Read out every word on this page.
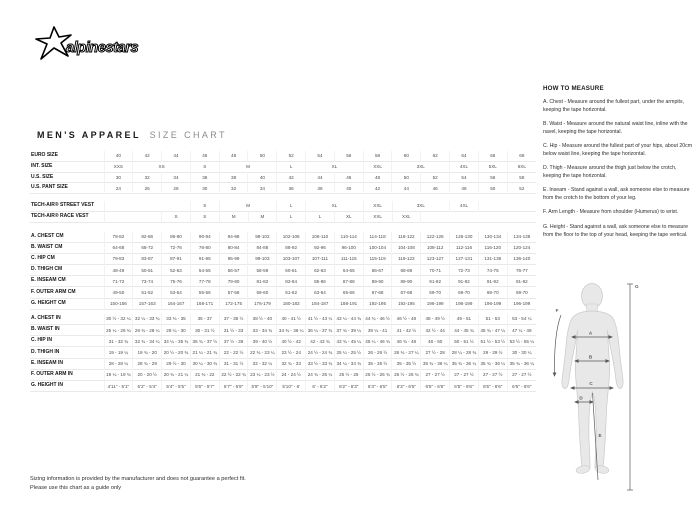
alpinestars
MEN'S APPAREL SIZE CHART
EURO SIZE	40	42	44	46	48	50	52	54	56	58	60	62	64	66	68
INT. SIZE	XXS	XS		S	M		L	XL		XXL	3XL		4XL	5XL	6XL
U.S. SIZE	30	32	34	36	38	40	42	44	46	48	50	52	54	56	58
U.S. PANT SIZE	24	26	28	30	32	34	36	38	40	42	44	46	48	50	52
TECH-AIR® STREET VEST			S	M		L	XL		XXL	3XL		4XL	
TECH-AIR® RACE VEST		S	S	M	M	L	L	XL	XXL	XXL			
A. CHEST CM	78-82	82-86	86-90	90-94	94-98	98-102	102-106	106-110	110-114	114-118	118-122	122-126	126-130	130-134	134-138
B. WAIST CM	64-68	68-72	72-76	76-80	80-84	84-88	88-92	92-96	96-100	100-104	104-108	108-112	112-116	116-120	120-124
C. HIP CM	79-83	83-87	87-91	91-95	95-99	99-103	103-107	107-111	111-115	115-119	119-123	123-127	127-131	131-136	136-140
D. THIGH CM	48-49	50-51	52-53	54-55	56-57	58-59	60-61	62-63	64-65	66-67	68-69	70-71	72-73	74-75	76-77
E. INSEAM CM	71-72	73-74	75-76	77-78	79-80	81-82	83-84	85-86	87-88	89-90	89-90	91-92	91-92	91-92	91-92
F. OUTER ARM CM	49-50	51-52	53-54	55-56	57-58	59-60	61-62	63-64	65-66	67-68	67-68	69-70	69-70	69-70	69-70
G. HEIGHT CM	150-156	157-163	164-167	168-171	172-175	176-179	180-183	184-187	188-191	192-195	192-195	196-199	196-199	196-199	196-199
A. CHEST IN	30 ½ - 32 ¼	32 ¼ - 33 ¾	33 ¾ - 35	35 - 37	37 - 38 ½	38 ½ - 40	40 - 41 ½	41 ½ - 43 ¼	43 ¼ - 44 ¾	44 ¾ - 46 ½	46 ½ - 48	48 - 49 ½	49 - 51	51 - 53	53 - 54 ¼
B. WAIST IN	25 ¼ - 26 ¾	26 ¾ - 28 ¼	28 ¼ - 30	30 - 31 ½	31 ½ - 33	33 - 34 ¾	34 ¾ - 36 ¼	36 ¼ - 37 ¾	37 ¾ - 39 ¼	39 ¼ - 41	41 - 42 ½	42 ½ - 44	44 - 45 ¾	45 ¾ - 47 ¼	47 ¼ - 49
C. HIP IN	31 - 32 ¾	32 ¾ - 34 ¼	34 ¼ - 35 ¾	35 ¾ - 37 ½	37 ½ - 39	39 - 40 ½	40 ½ - 42	42 - 43 ¾	43 ¾ - 45 ¼	45 ¼ - 46 ¾	46 ¾ - 48	48 - 50	50 - 51 ½	51 ½ - 53 ½	53 ½ - 55 ¼
D. THIGH IN	19 - 19 ¼	19 ¾ - 20	20 ½ - 20 ¾	21 ¼ - 21 ¾	22 - 22 ½	22 ¾ - 23 ¼	23 ½ - 24	24 ½ - 24 ¾	25 ¼ - 25 ½	26 - 26 ½	26 ¾ - 27 ¼	27 ½ - 28	28 ¼ - 28 ¾	29 - 29 ½	30 - 30 ¼
E. INSEAM IN	28 - 28 ¼	28 ¾ - 29	29 ½ - 30	30 ¼ - 30 ¾	31 - 31 ½	32 - 32 ¼	32 ¾ - 33	33 ½ - 33 ¾	34 ¼ - 34 ¾	35 - 35 ½	35 - 35 ½	35 ¾ - 36 ¼	35 ¾ - 36 ¼	35 ¾ - 36 ¼	35 ¾ - 36 ¼
F. OUTER ARM IN	19 ¼ - 19 ¾	20 - 20 ½	20 ¾ - 21 ¼	21 ¾ - 22	22 ½ - 22 ¾	23 ¼ - 23 ½	24 - 24 ½	24 ¾ - 25 ¼	25 ½ - 26	26 ½ - 26 ¾	26 ½ - 26 ¾	27 - 27 ½	27 - 27 ½	27 - 27 ½	27 - 27 ½
G. HEIGHT IN	4'11" - 5'1"	5'2" - 5'4"	5'4" - 5'5"	5'6" - 5'7"	5'7" - 5'9"	5'9" - 5'10"	5'10" - 6'	6' - 6'2"	6'2" - 6'3"	6'3" - 6'5"	6'3" - 6'5"	6'5" - 6'6"	6'5" - 6'6"	6'5" - 6'6"	6'5" - 6'6"
HOW TO MEASURE

A. Chest - Measure around the fullest part, under the armpits, keeping the tape horizontal.

B. Waist - Measure around the natural waist line, inline with the navel, keeping the tape horizontal.

C. Hip - Measure around the fullest part of your hips, about 20cm below waist line, keeping the tape horizontal.

D. Thigh - Measure around the thigh just below the crotch, keeping the tape horizontal.

E. Inseam - Stand against a wall, ask someone else to measure from the crotch to the bottom of your leg.

F. Arm Length - Measure from shoulder (Humerus) to wrist.

G. Height - Stand against a wall, ask someone else to measure from the floor to the top of your head, keeping the tape vertical.

A
B
C
D
E
F
G
Sizing information is provided by the manufacturer and does not guarantee a perfect fit.
Please use this chart as a guide only
